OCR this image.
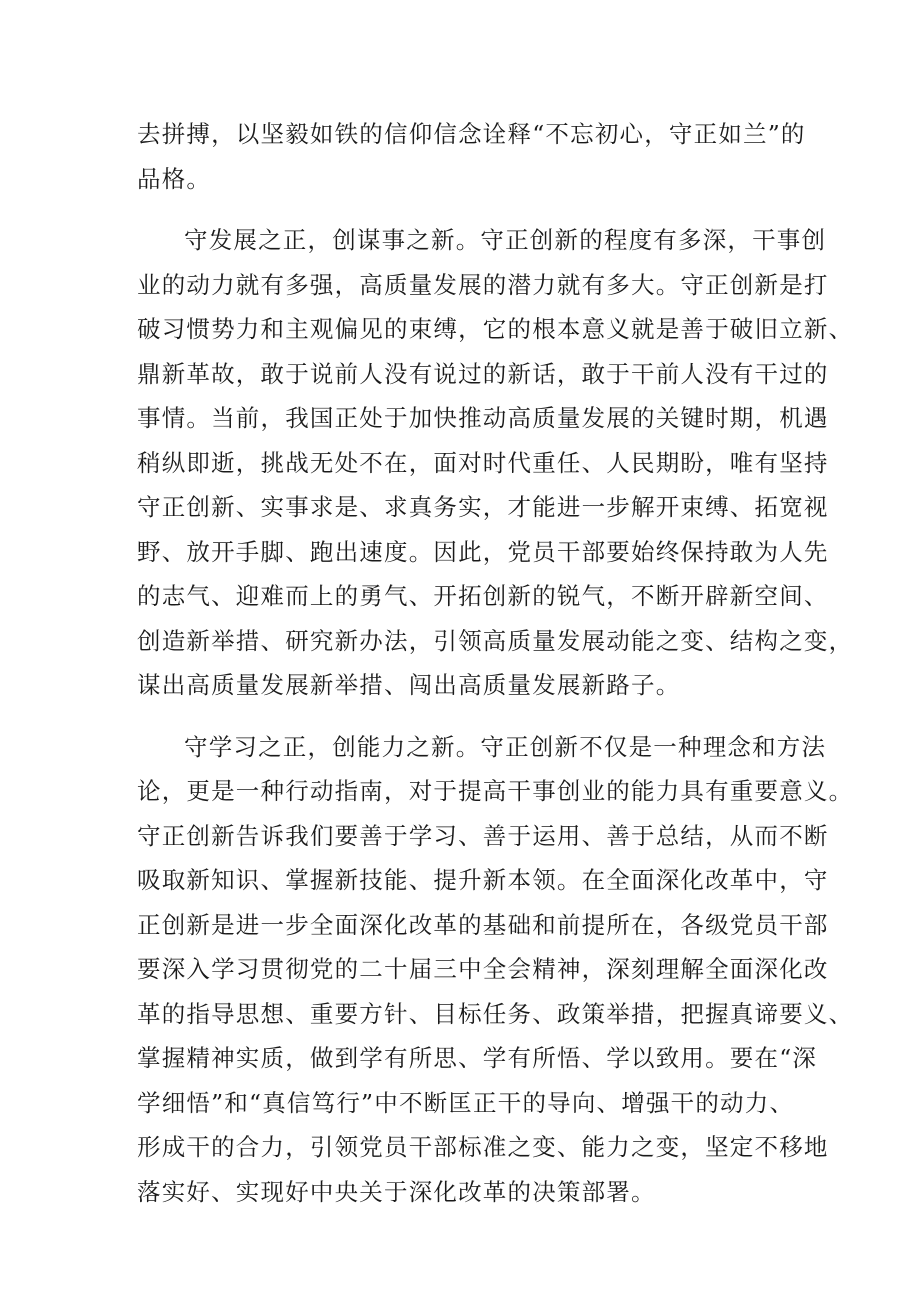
去拼搏，以坚毅如铁的信仰信念诠释“不忘初心，守正如兰”的
品格。

守发展之正，创谋事之新。守正创新的程度有多深，干事创
业的动力就有多强，高质量发展的潜力就有多大。守正创新是打
破习惯势力和主观偏见的束缚，它的根本意义就是善于破旧立新、
鼎新革故，敢于说前人没有说过的新话，敢于干前人没有干过的
事情。当前，我国正处于加快推动高质量发展的关键时期，机遇
稍纵即逝，挑战无处不在，面对时代重任、人民期盼，唯有坚持
守正创新、实事求是、求真务实，才能进一步解开束缚、拓宽视
野、放开手脚、跑出速度。因此，党员干部要始终保持敢为人先
的志气、迎难而上的勇气、开拓创新的锐气，不断开辟新空间、
创造新举措、研究新办法，引领高质量发展动能之变、结构之变，
谋出高质量发展新举措、闯出高质量发展新路子。

守学习之正，创能力之新。守正创新不仅是一种理念和方法
论，更是一种行动指南，对于提高干事创业的能力具有重要意义。
守正创新告诉我们要善于学习、善于运用、善于总结，从而不断
吸取新知识、掌握新技能、提升新本领。在全面深化改革中，守
正创新是进一步全面深化改革的基础和前提所在，各级党员干部
要深入学习贯彻党的二十届三中全会精神，深刻理解全面深化改
革的指导思想、重要方针、目标任务、政策举措，把握真谛要义、
掌握精神实质，做到学有所思、学有所悟、学以致用。要在“深
学细悟”和“真信笃行”中不断匡正干的导向、增强干的动力、
形成干的合力，引领党员干部标准之变、能力之变，坚定不移地
落实好、实现好中央关于深化改革的决策部署。
